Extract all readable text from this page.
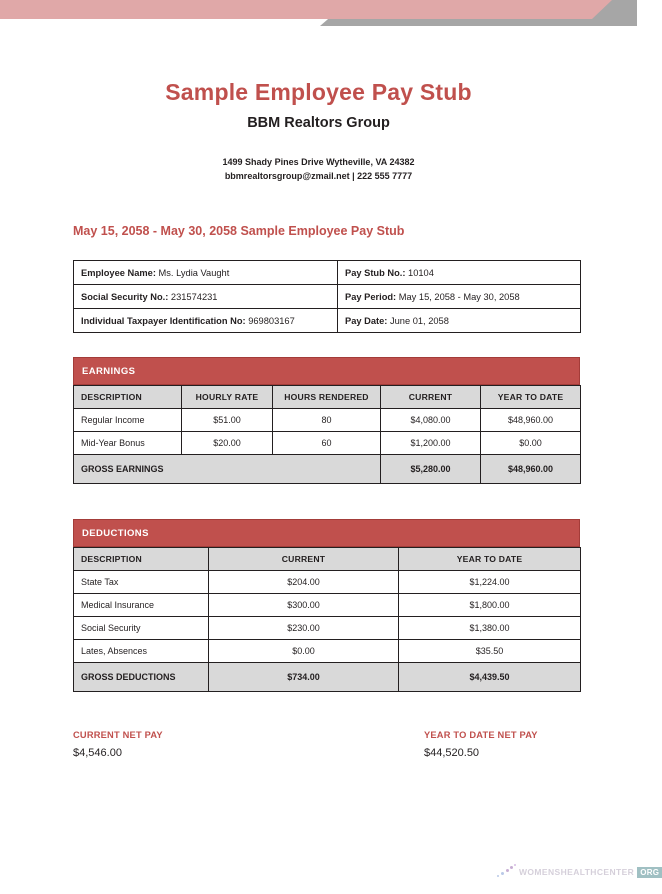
Sample Employee Pay Stub
BBM Realtors Group
1499 Shady Pines Drive Wytheville, VA 24382
bbmrealtorsgroup@zmail.net | 222 555 7777
May 15, 2058 - May 30, 2058 Sample Employee Pay Stub
Employee Name: Ms. Lydia Vaught	Pay Stub No.: 10104
Social Security No.: 231574231	Pay Period: May 15, 2058 - May 30, 2058
Individual Taxpayer Identification No: 969803167	Pay Date: June 01, 2058
EARNINGS
DESCRIPTION	HOURLY RATE	HOURS RENDERED	CURRENT	YEAR TO DATE
Regular Income	$51.00	80	$4,080.00	$48,960.00
Mid-Year Bonus	$20.00	60	$1,200.00	$0.00
GROSS EARNINGS			$5,280.00	$48,960.00
DEDUCTIONS
DESCRIPTION	CURRENT	YEAR TO DATE
State Tax	$204.00	$1,224.00
Medical Insurance	$300.00	$1,800.00
Social Security	$230.00	$1,380.00
Lates, Absences	$0.00	$35.50
GROSS DEDUCTIONS	$734.00	$4,439.50
CURRENT NET PAY
$4,546.00
YEAR TO DATE NET PAY
$44,520.50
WOMENSHEALTHCENTER ORG
